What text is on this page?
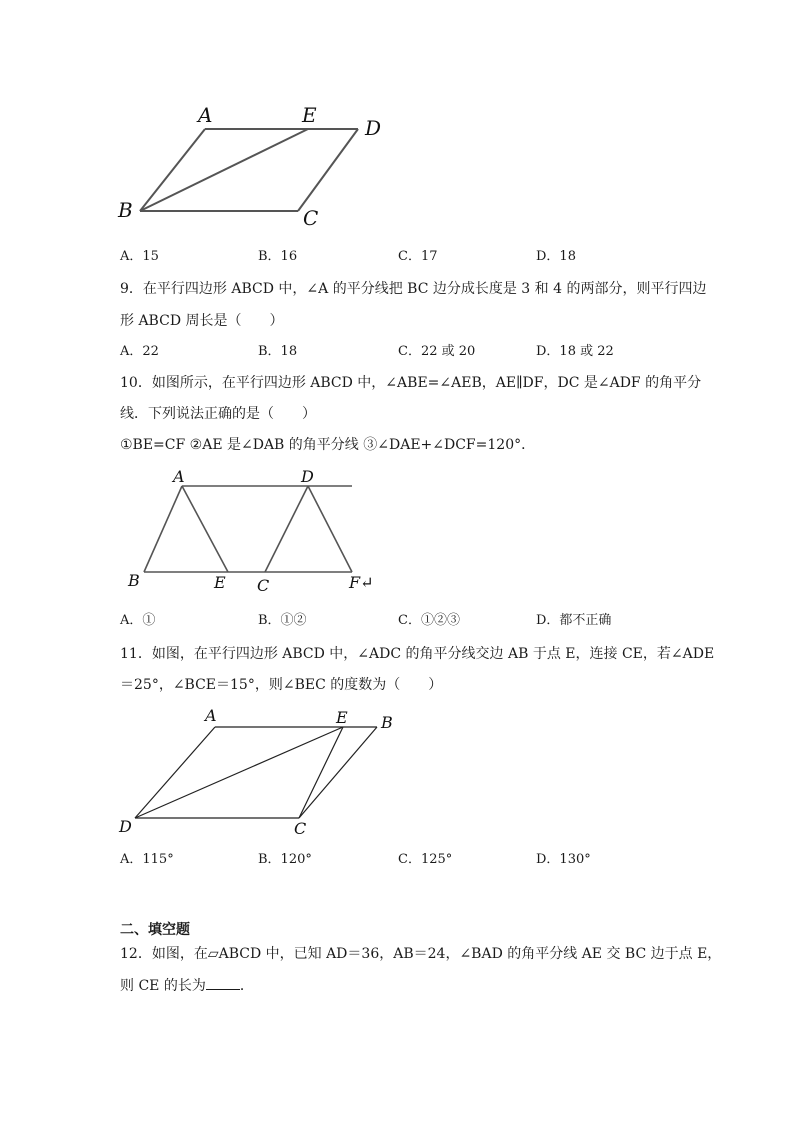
A	E
D
B	C
A．15	B．16	C．17	D．18
9．在平行四边形 ABCD 中，∠A 的平分线把 BC 边分成长度是 3 和 4 的两部分，则平行四边
形 ABCD 周长是（　　）
A．22	B．18	C．22 或 20	D．18 或 22
10．如图所示，在平行四边形 ABCD 中，∠ABE=∠AEB，AE∥DF，DC 是∠ADF 的角平分
线．下列说法正确的是（　　）
①BE=CF ②AE 是∠DAB 的角平分线 ③∠DAE+∠DCF=120°．
A	D
B	E C	F↵
A．①	B．①②	C．①②③	D．都不正确
11．如图，在平行四边形 ABCD 中，∠ADC 的角平分线交边 AB 于点 E，连接 CE，若∠ADE
＝25°，∠BCE＝15°，则∠BEC 的度数为（　　）
A	E B
D	C
A．115°	B．120°	C．125°	D．130°
二、填空题
12．如图，在▱ABCD 中，已知 AD＝36，AB＝24，∠BAD 的角平分线 AE 交 BC 边于点 E，
则 CE 的长为 ．
